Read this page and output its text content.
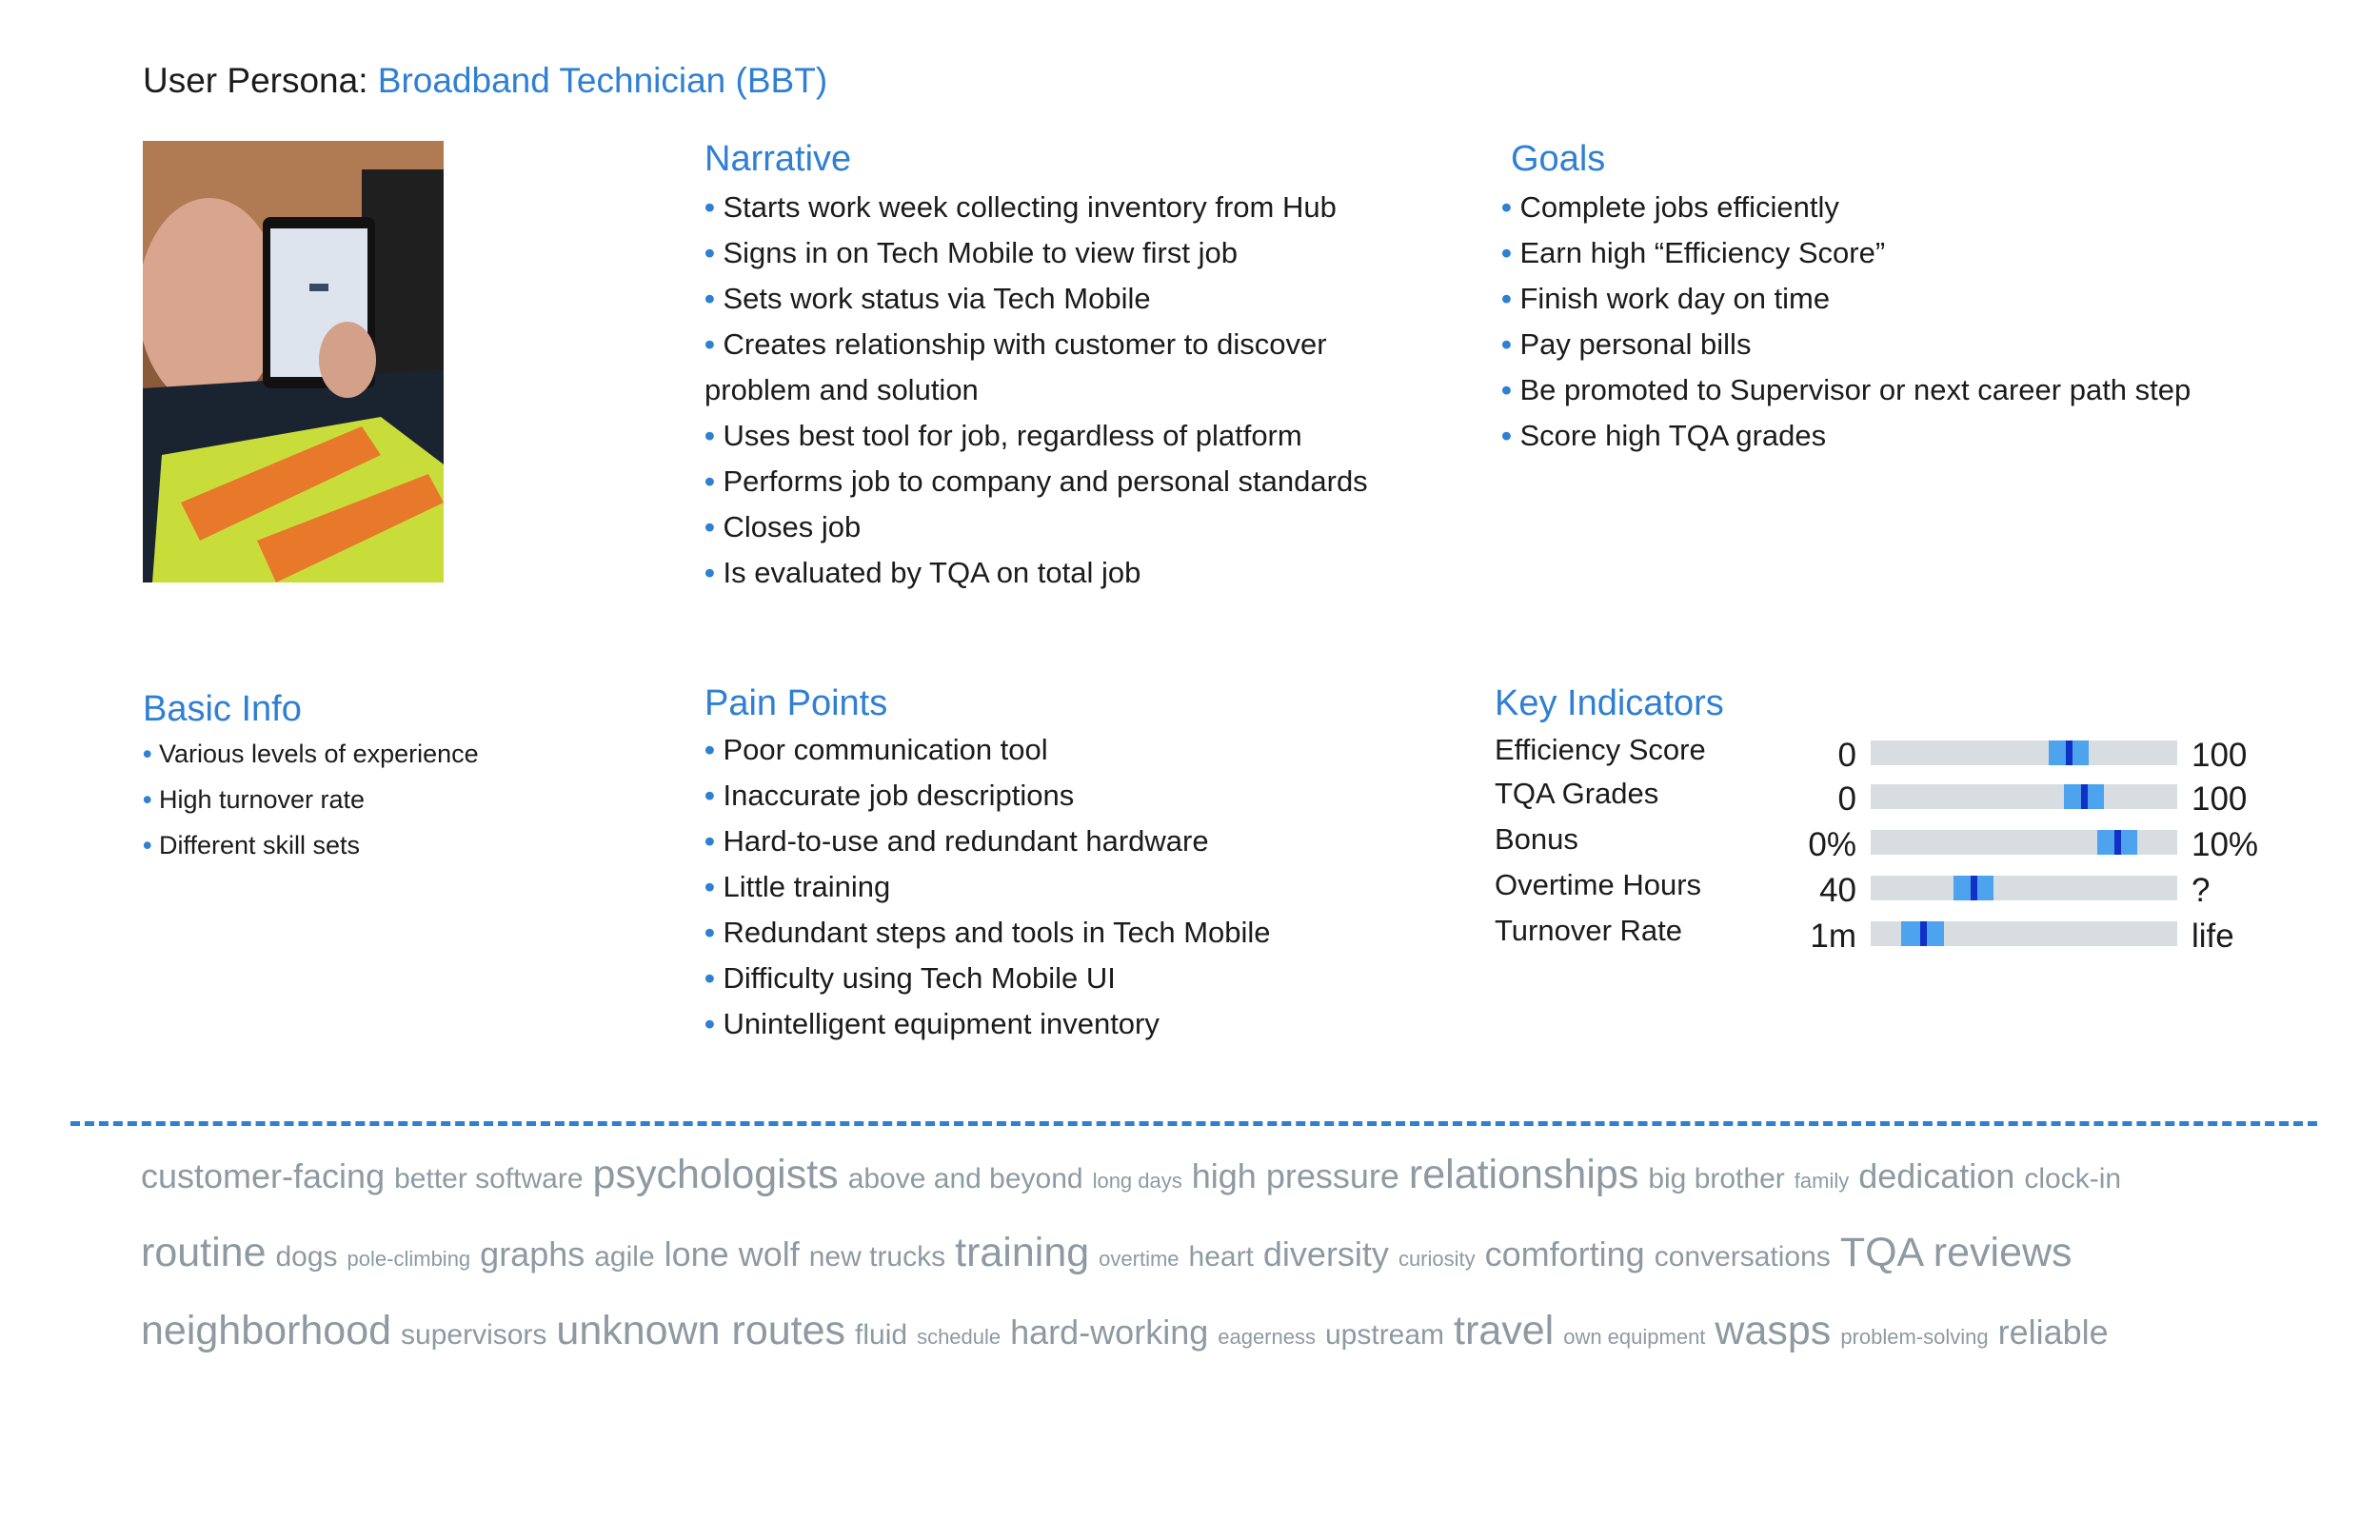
User Persona: Broadband Technician (BBT)
Narrative
• Starts work week collecting inventory from Hub
• Signs in on Tech Mobile to view first job
• Sets work status via Tech Mobile
• Creates relationship with customer to discover
problem and solution
• Uses best tool for job, regardless of platform
• Performs job to company and personal standards
• Closes job
• Is evaluated by TQA on total job
Goals
• Complete jobs efficiently
• Earn high “Efficiency Score”
• Finish work day on time
• Pay personal bills
• Be promoted to Supervisor or next career path step
• Score high TQA grades
Basic Info
• Various levels of experience
• High turnover rate
• Different skill sets
Pain Points
• Poor communication tool
• Inaccurate job descriptions
• Hard-to-use and redundant hardware
• Little training
• Redundant steps and tools in Tech Mobile
• Difficulty using Tech Mobile UI
• Unintelligent equipment inventory
Key Indicators
Efficiency Score	0	100
TQA Grades	0	100
Bonus	0%	10%
Overtime Hours	40	?
Turnover Rate	1m	life
customer-facing better software psychologists above and beyond long days high pressure relationships big brother family dedication clock-in
routine dogs pole-climbing graphs agile lone wolf new trucks training overtime heart diversity curiosity comforting conversations TQA reviews
neighborhood supervisors unknown routes fluid schedule hard-working eagerness upstream travel own equipment wasps problem-solving reliable
